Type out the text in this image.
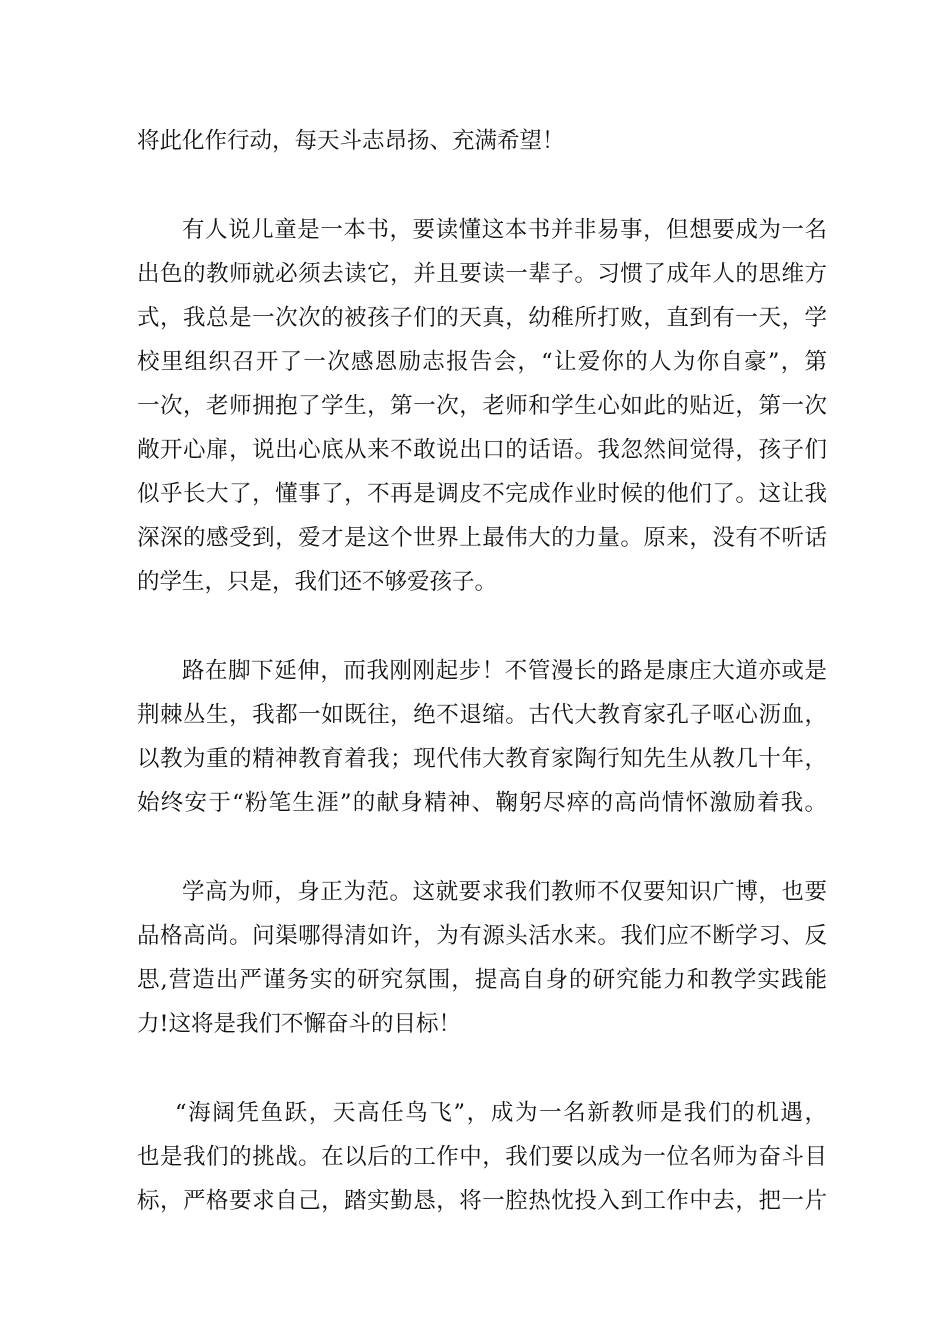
将此化作行动，每天斗志昂扬、充满希望！
有人说儿童是一本书，要读懂这本书并非易事，但想要成为一名
出色的教师就必须去读它，并且要读一辈子。习惯了成年人的思维方
式，我总是一次次的被孩子们的天真，幼稚所打败，直到有一天，学
校里组织召开了一次感恩励志报告会，“让爱你的人为你自豪”，第
一次，老师拥抱了学生，第一次，老师和学生心如此的贴近，第一次
敞开心扉，说出心底从来不敢说出口的话语。我忽然间觉得，孩子们
似乎长大了，懂事了，不再是调皮不完成作业时候的他们了。这让我
深深的感受到，爱才是这个世界上最伟大的力量。原来，没有不听话
的学生，只是，我们还不够爱孩子。
路在脚下延伸，而我刚刚起步！不管漫长的路是康庄大道亦或是
荆棘丛生，我都一如既往，绝不退缩。古代大教育家孔子呕心沥血，
以教为重的精神教育着我；现代伟大教育家陶行知先生从教几十年，
始终安于“粉笔生涯”的献身精神、鞠躬尽瘁的高尚情怀激励着我。
学高为师，身正为范。这就要求我们教师不仅要知识广博，也要
品格高尚。问渠哪得清如许，为有源头活水来。我们应不断学习、反
思,营造出严谨务实的研究氛围，提高自身的研究能力和教学实践能
力!这将是我们不懈奋斗的目标！
“海阔凭鱼跃，天高任鸟飞”，成为一名新教师是我们的机遇，
也是我们的挑战。在以后的工作中，我们要以成为一位名师为奋斗目
标，严格要求自己，踏实勤恳，将一腔热忱投入到工作中去，把一片
